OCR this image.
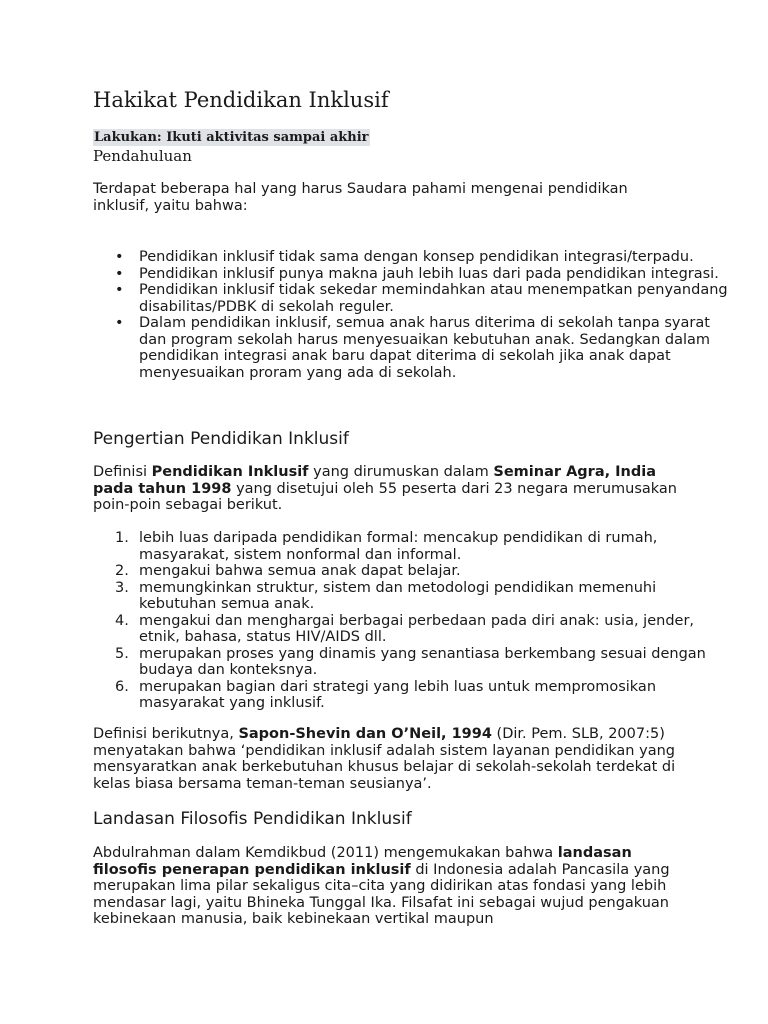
Hakikat Pendidikan Inklusif
Lakukan: Ikuti aktivitas sampai akhir
Pendahuluan

Terdapat beberapa hal yang harus Saudara pahami mengenai pendidikan inklusif, yaitu bahwa:

• Pendidikan inklusif tidak sama dengan konsep pendidikan integrasi/terpadu.
• Pendidikan inklusif punya makna jauh lebih luas dari pada pendidikan integrasi.
• Pendidikan inklusif tidak sekedar memindahkan atau menempatkan penyandang disabilitas/PDBK di sekolah reguler.
• Dalam pendidikan inklusif, semua anak harus diterima di sekolah tanpa syarat dan program sekolah harus menyesuaikan kebutuhan anak. Sedangkan dalam pendidikan integrasi anak baru dapat diterima di sekolah jika anak dapat menyesuaikan proram yang ada di sekolah.
Pengertian Pendidikan Inklusif

Definisi Pendidikan Inklusif yang dirumuskan dalam Seminar Agra, India pada tahun 1998 yang disetujui oleh 55 peserta dari 23 negara merumusakan poin-poin sebagai berikut.

1. lebih luas daripada pendidikan formal: mencakup pendidikan di rumah, masyarakat, sistem nonformal dan informal.
2. mengakui bahwa semua anak dapat belajar.
3. memungkinkan struktur, sistem dan metodologi pendidikan memenuhi kebutuhan semua anak.
4. mengakui dan menghargai berbagai perbedaan pada diri anak: usia, jender, etnik, bahasa, status HIV/AIDS dll.
5. merupakan proses yang dinamis yang senantiasa berkembang sesuai dengan budaya dan konteksnya.
6. merupakan bagian dari strategi yang lebih luas untuk mempromosikan masyarakat yang inklusif.

Definisi berikutnya, Sapon-Shevin dan O’Neil, 1994 (Dir. Pem. SLB, 2007:5) menyatakan bahwa ‘pendidikan inklusif adalah sistem layanan pendidikan yang mensyaratkan anak berkebutuhan khusus belajar di sekolah-sekolah terdekat di kelas biasa bersama teman-teman seusianya’.

Landasan Filosofis Pendidikan Inklusif

Abdulrahman dalam Kemdikbud (2011) mengemukakan bahwa landasan filosofis penerapan pendidikan inklusif di Indonesia adalah Pancasila yang merupakan lima pilar sekaligus cita–cita yang didirikan atas fondasi yang lebih mendasar lagi, yaitu Bhineka Tunggal Ika. Filsafat ini sebagai wujud pengakuan kebinekaan manusia, baik kebinekaan vertikal maupun
